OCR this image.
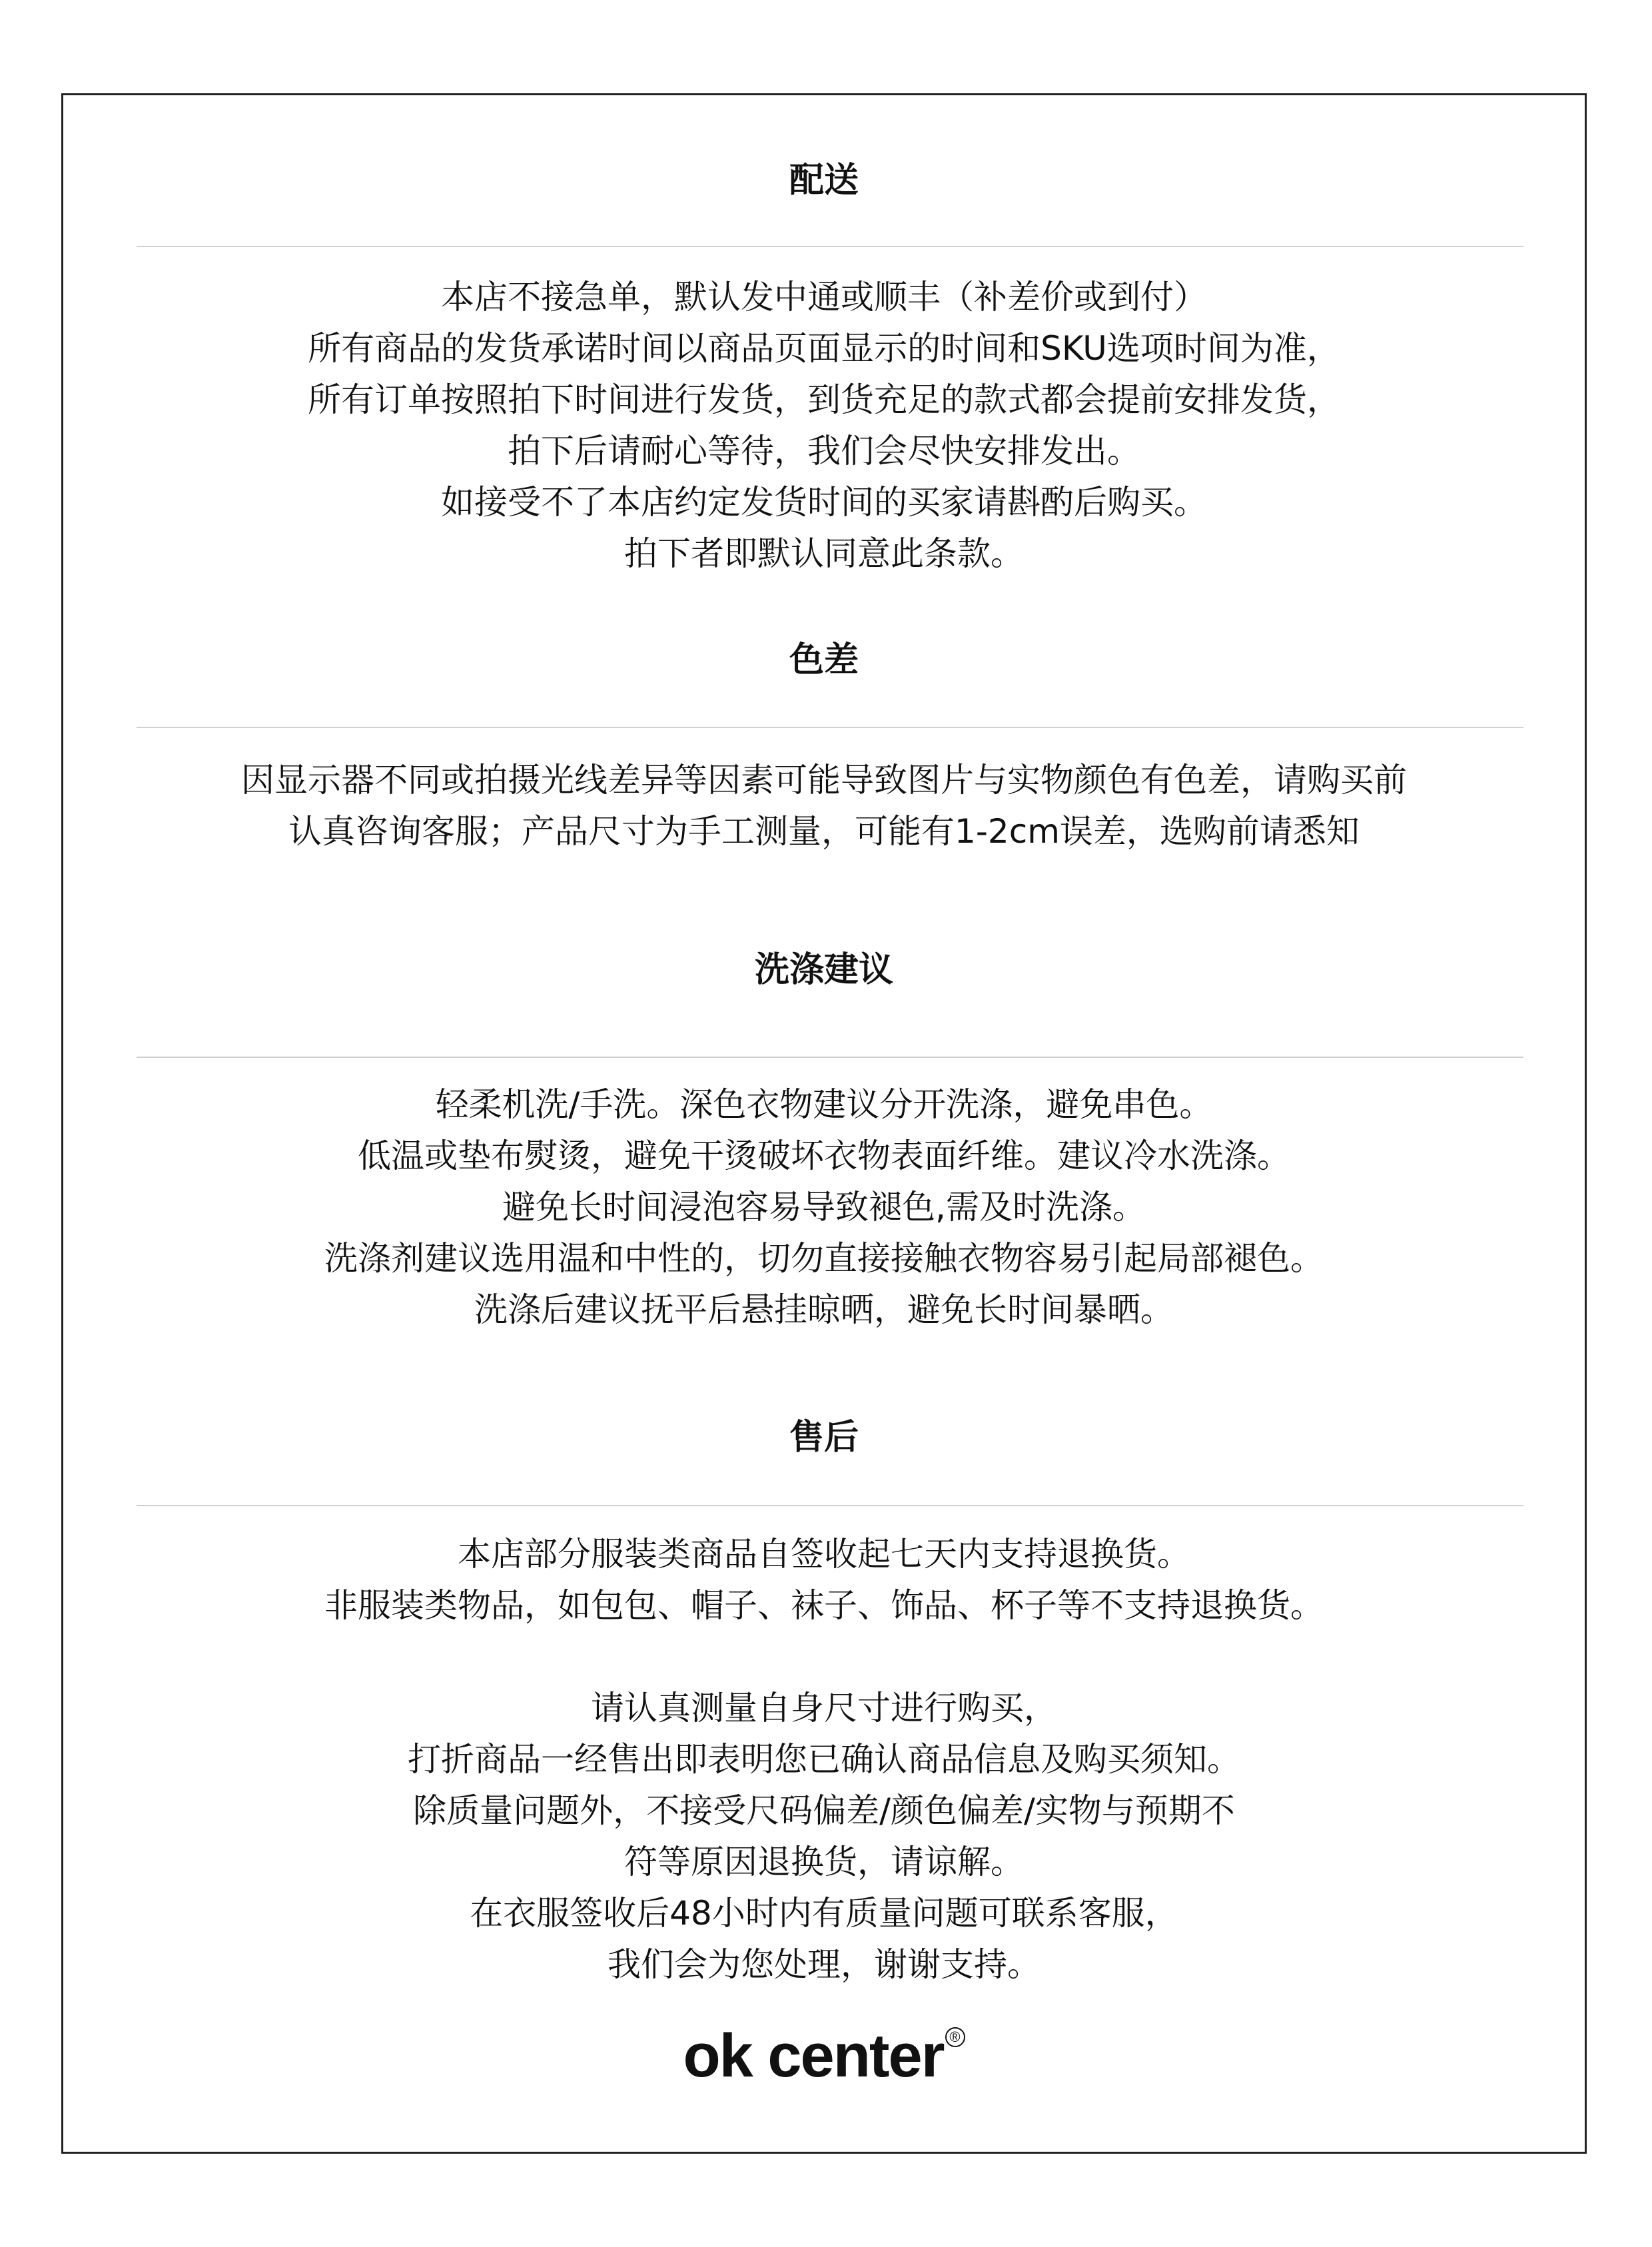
配送
本店不接急单，默认发中通或顺丰（补差价或到付）
所有商品的发货承诺时间以商品页面显示的时间和SKU选项时间为准，
所有订单按照拍下时间进行发货，到货充足的款式都会提前安排发货，
拍下后请耐心等待，我们会尽快安排发出。
如接受不了本店约定发货时间的买家请斟酌后购买。
拍下者即默认同意此条款。
色差
因显示器不同或拍摄光线差异等因素可能导致图片与实物颜色有色差，请购买前
认真咨询客服；产品尺寸为手工测量，可能有1-2cm误差，选购前请悉知
洗涤建议
轻柔机洗/手洗。深色衣物建议分开洗涤，避免串色。
低温或垫布熨烫，避免干烫破坏衣物表面纤维。建议冷水洗涤。
避免长时间浸泡容易导致褪色,需及时洗涤。
洗涤剂建议选用温和中性的，切勿直接接触衣物容易引起局部褪色。
洗涤后建议抚平后悬挂晾晒，避免长时间暴晒。
售后
本店部分服装类商品自签收起七天内支持退换货。
非服装类物品，如包包、帽子、袜子、饰品、杯子等不支持退换货。
请认真测量自身尺寸进行购买，
打折商品一经售出即表明您已确认商品信息及购买须知。
除质量问题外，不接受尺码偏差/颜色偏差/实物与预期不
符等原因退换货，请谅解。
在衣服签收后48小时内有质量问题可联系客服，
我们会为您处理，谢谢支持。
ok center ®
